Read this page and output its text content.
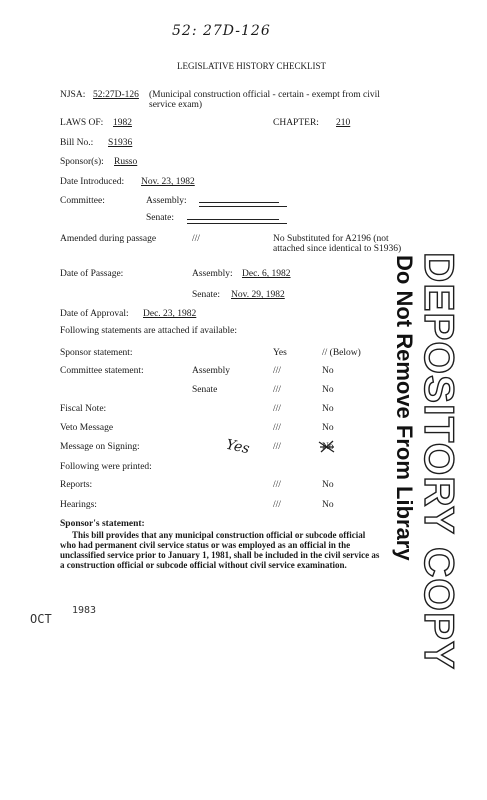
52: 27D-126
LEGISLATIVE HISTORY CHECKLIST
NJSA: 52:27D-126 (Municipal construction official - certain - exempt from civil service exam)
LAWS OF: 1982	CHAPTER: 210
Bill No.: S1936
Sponsor(s): Russo
Date Introduced: Nov. 23, 1982
Committee:	Assembly:
Senate:
Amended during passage	///	No Substituted for A2196 (not attached since identical to S1936)
Date of Passage:	Assembly: Dec. 6, 1982
Senate: Nov. 29, 1982
Date of Approval: Dec. 23, 1982
Following statements are attached if available:
Sponsor statement:	Yes	// (Below)
Committee statement:	Assembly	///	No
Senate	///	No
Fiscal Note:	///	No
Veto Message	///	No
Message on Signing:	Yes ///	No
Following were printed:
Reports:	///	No
Hearings:	///	No
Sponsor's statement:
This bill provides that any municipal construction official or subcode official
who had permanent civil service status or was employed as an official in the
unclassified service prior to January 1, 1981, shall be included in the civil service as
a construction official or subcode official without civil service examination.	DEPOSITORY COPY
Do Not Remove From Library
OCT
1983
